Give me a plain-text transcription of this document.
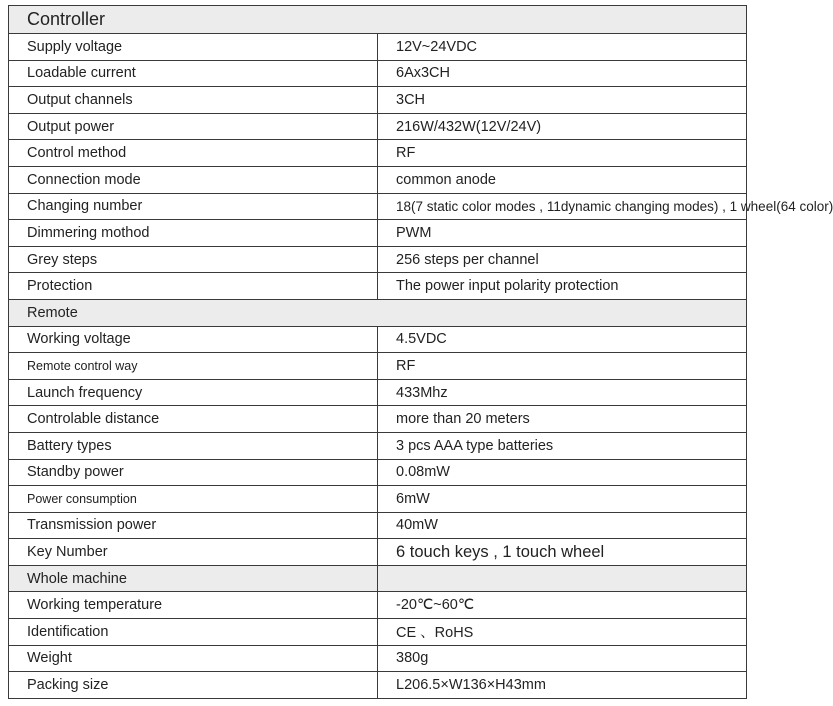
Controller	
Supply voltage	12V~24VDC
Loadable current	6Ax3CH
Output channels	3CH
Output power	216W/432W(12V/24V)
Control method	RF
Connection mode	common anode
Changing number	18(7 static color modes , 11dynamic changing modes) , 1 wheel(64 color)
Dimmering mothod	PWM
Grey steps	256 steps per channel
Protection	The power input polarity protection
Remote	
Working voltage	4.5VDC
Remote control way	RF
Launch frequency	433Mhz
Controlable distance	more than 20 meters
Battery types	3 pcs AAA type batteries
Standby power	0.08mW
Power consumption	6mW
Transmission power	40mW
Key Number	6 touch keys , 1 touch wheel
Whole machine	
Working temperature	-20℃~60℃
Identification	CE 、RoHS
Weight	380g
Packing size	L206.5×W136×H43mm
